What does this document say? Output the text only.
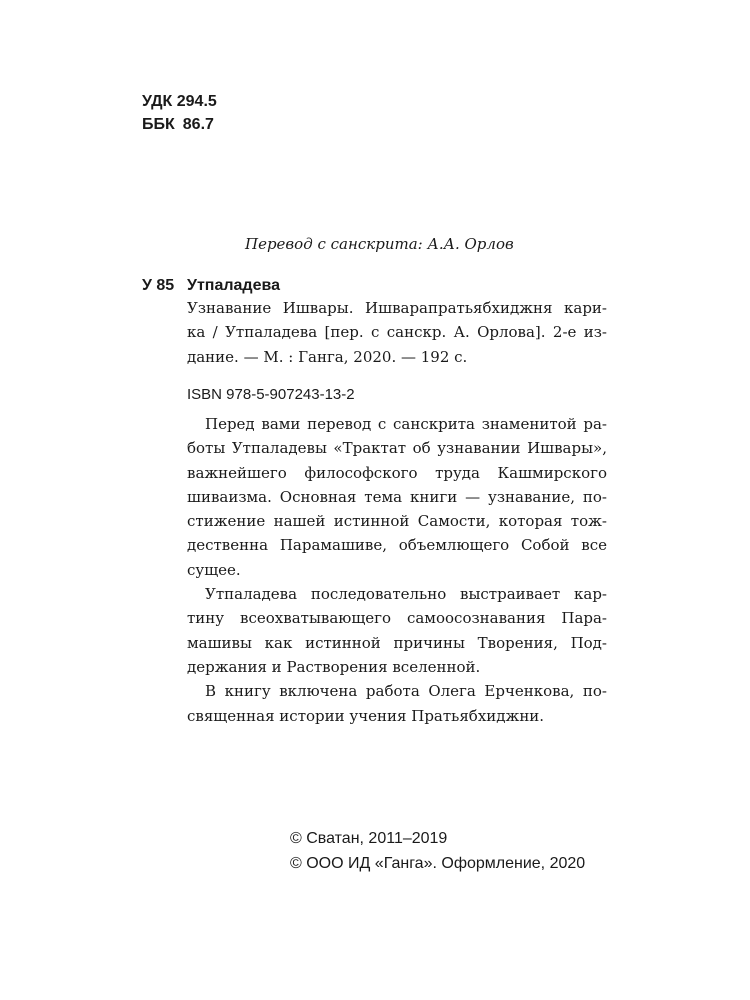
УДК 294.5
ББК 86.7
Перевод с санскрита: А.А. Орлов
У 85 Утпаладева
Узнавание Ишвары. Ишварапратьябхиджня кари-
ка / Утпаладева [пер. с санскр. А. Орлова]. 2-е из-
дание. — М. : Ганга, 2020. — 192 с.
ISBN 978-5-907243-13-2
Перед вами перевод с санскрита знаменитой ра-
боты Утпаладевы «Трактат об узнавании Ишвары»,
важнейшего философского труда Кашмирского
шиваизма. Основная тема книги — узнавание, по-
стижение нашей истинной Самости, которая тож-
дественна Парамашиве, объемлющего Собой все
сущее.
Утпаладева последовательно выстраивает кар-
тину всеохватывающего самоосознавания Пара-
машивы как истинной причины Творения, Под-
держания и Растворения вселенной.
В книгу включена работа Олега Ерченкова, по-
священная истории учения Пратьябхиджни.
© Сватан, 2011–2019
© ООО ИД «Ганга». Оформление, 2020
